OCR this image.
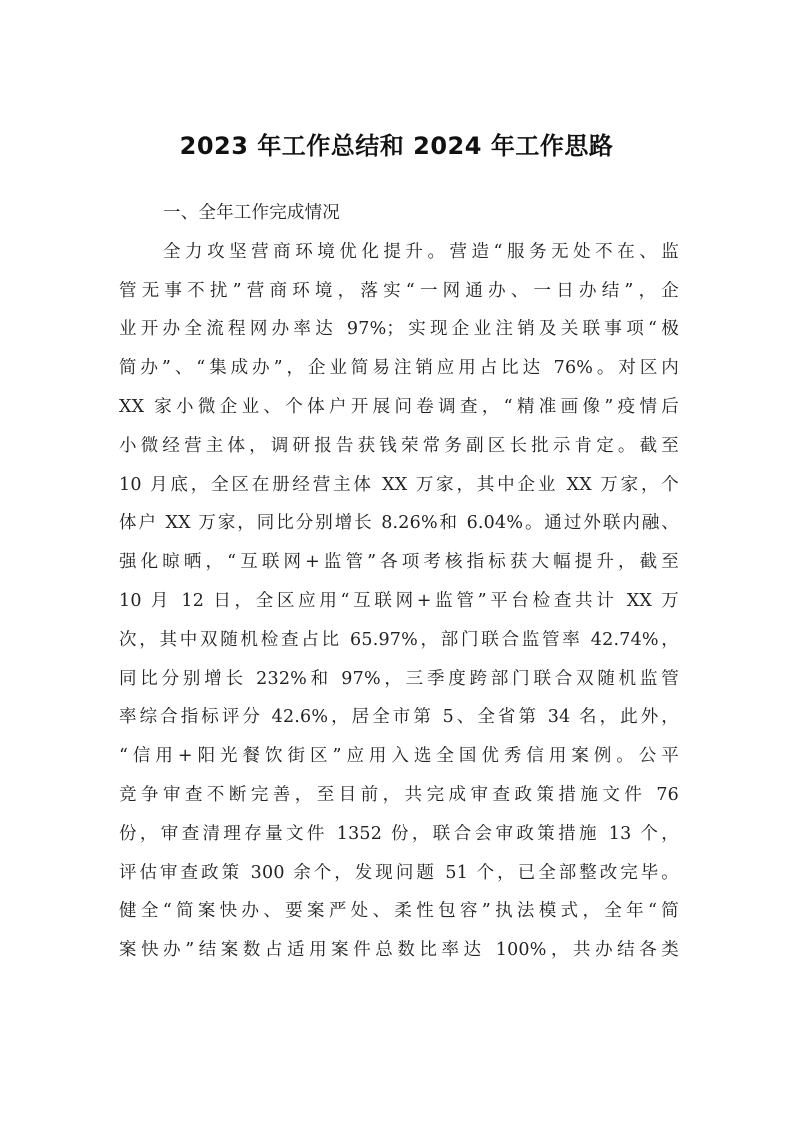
2023 年工作总结和 2024 年工作思路
一、全年工作完成情况
全力攻坚营商环境优化提升。营造“服务无处不在、监
管无事不扰”营商环境，落实“一网通办、一日办结”，企
业开办全流程网办率达 97%；实现企业注销及关联事项“极
简办”、“集成办”，企业简易注销应用占比达 76%。对区内
XX 家小微企业、个体户开展问卷调查，“精准画像”疫情后
小微经营主体，调研报告获钱荣常务副区长批示肯定。截至
10 月底，全区在册经营主体 XX 万家，其中企业 XX 万家，个
体户 XX 万家，同比分别增长 8.26%和 6.04%。通过外联内融、
强化晾晒，“互联网+监管”各项考核指标获大幅提升，截至
10 月 12 日，全区应用“互联网+监管”平台检查共计 XX 万
次，其中双随机检查占比 65.97%，部门联合监管率 42.74%，
同比分别增长 232%和 97%，三季度跨部门联合双随机监管
率综合指标评分 42.6%，居全市第 5、全省第 34 名，此外，
“信用+阳光餐饮街区”应用入选全国优秀信用案例。公平
竞争审查不断完善，至目前，共完成审查政策措施文件 76
份，审查清理存量文件 1352 份，联合会审政策措施 13 个，
评估审查政策 300 余个，发现问题 51 个，已全部整改完毕。
健全“简案快办、要案严处、柔性包容”执法模式，全年“简
案快办”结案数占适用案件总数比率达 100%，共办结各类
